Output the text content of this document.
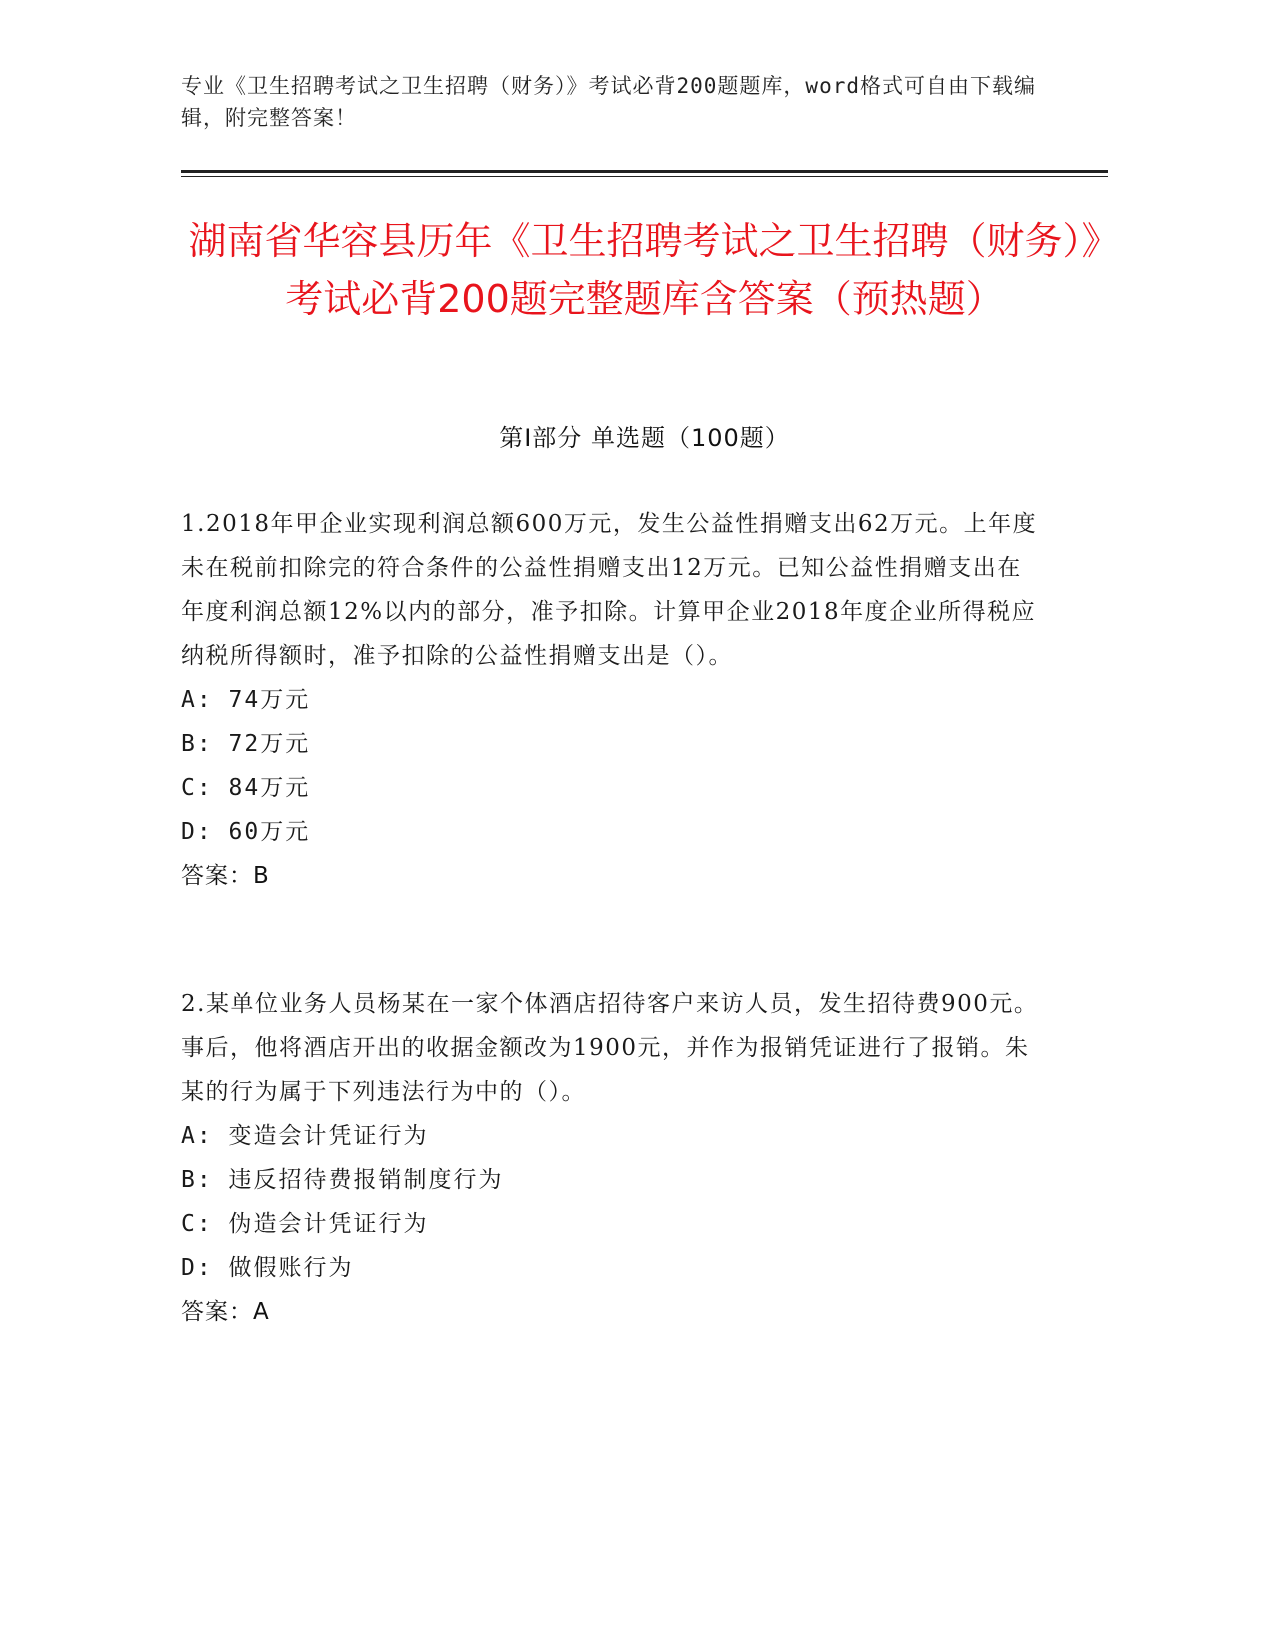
专业《卫生招聘考试之卫生招聘（财务）》考试必背200题题库，word格式可自由下载编辑，附完整答案！
湖南省华容县历年《卫生招聘考试之卫生招聘（财务）》考试必背200题完整题库含答案（预热题）
第I部分 单选题（100题）
1.2018年甲企业实现利润总额600万元，发生公益性捐赠支出62万元。上年度未在税前扣除完的符合条件的公益性捐赠支出12万元。已知公益性捐赠支出在年度利润总额12%以内的部分，准予扣除。计算甲企业2018年度企业所得税应纳税所得额时，准予扣除的公益性捐赠支出是（）。
A: 74万元
B: 72万元
C: 84万元
D: 60万元
答案：B
2.某单位业务人员杨某在一家个体酒店招待客户来访人员，发生招待费900元。事后，他将酒店开出的收据金额改为1900元，并作为报销凭证进行了报销。朱某的行为属于下列违法行为中的（）。
A: 变造会计凭证行为
B: 违反招待费报销制度行为
C: 伪造会计凭证行为
D: 做假账行为
答案：A
